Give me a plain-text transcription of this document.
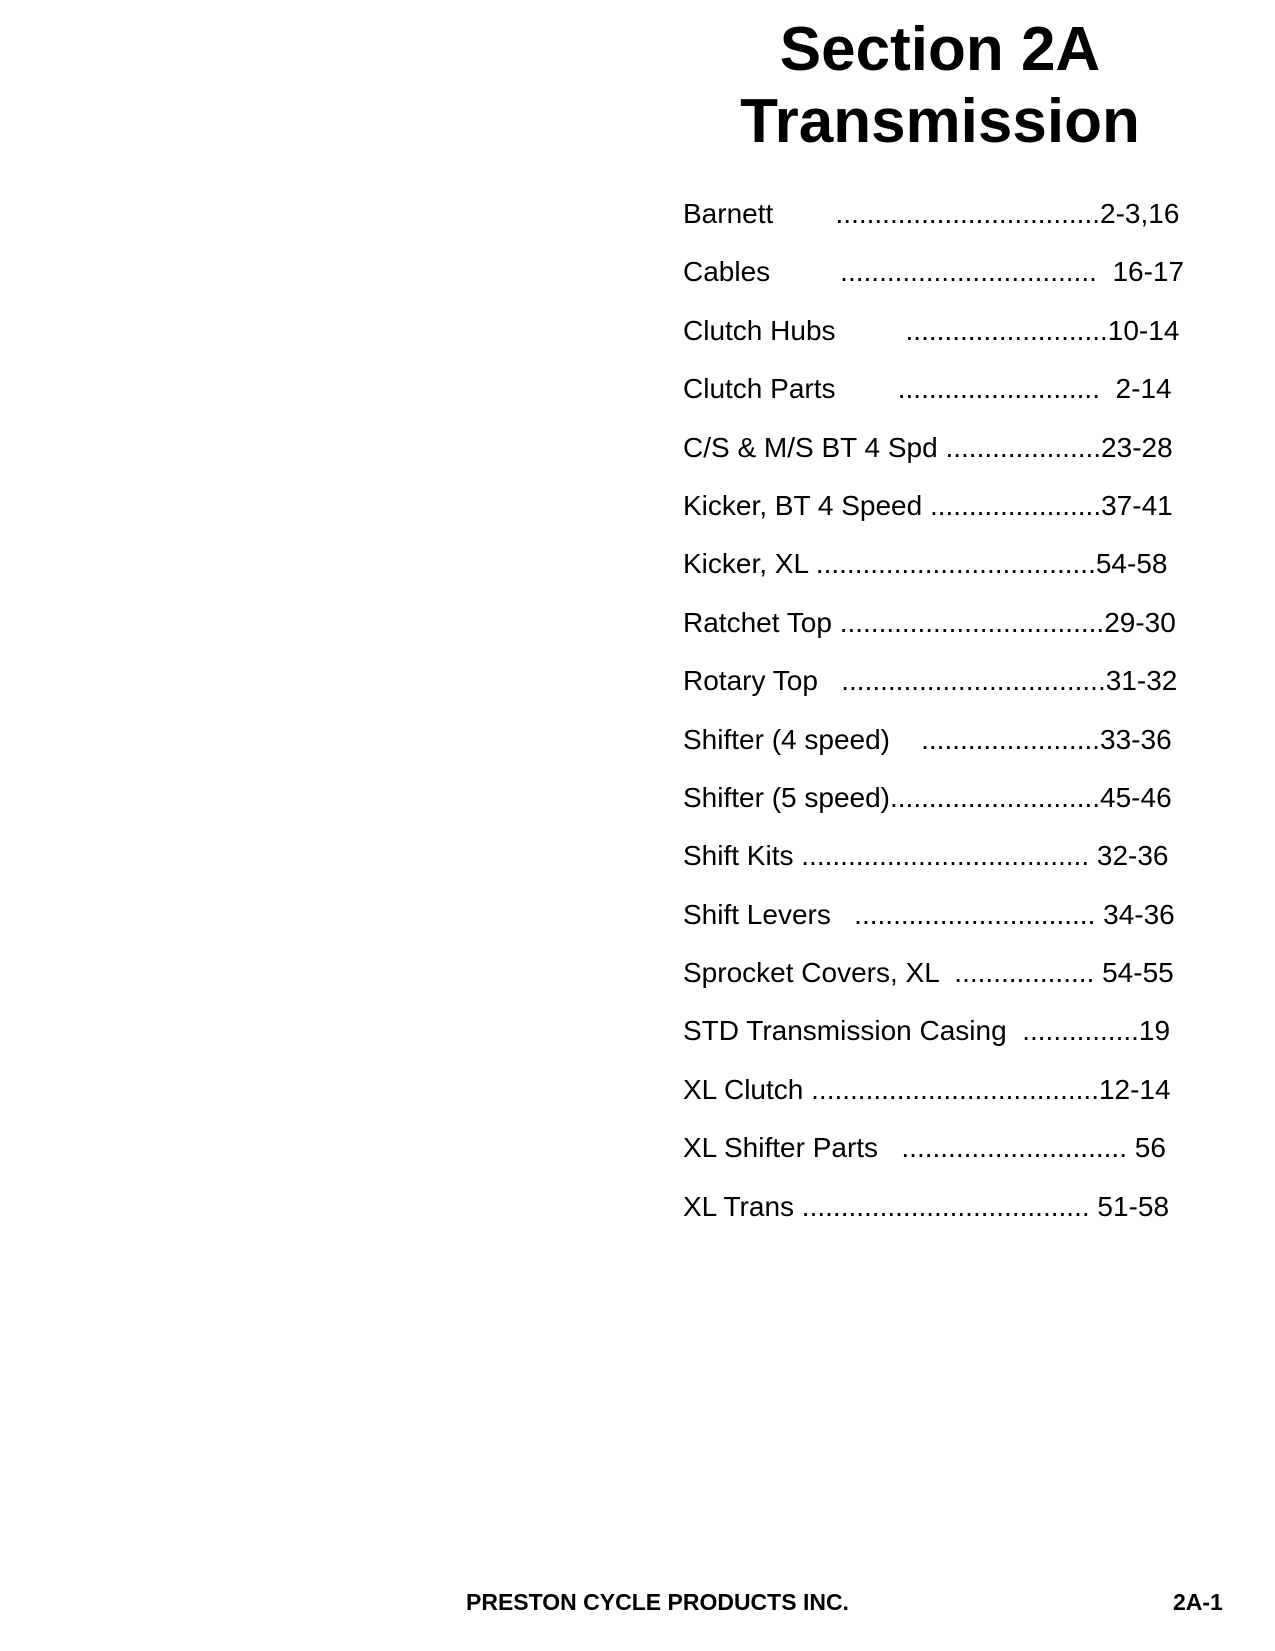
Section 2A
Transmission
Barnett        ..................................2-3,16
Cables         .................................  16-17
Clutch Hubs         ..........................10-14
Clutch Parts        ..........................  2-14
C/S & M/S BT 4 Spd ....................23-28
Kicker, BT 4 Speed ......................37-41
Kicker, XL ....................................54-58
Ratchet Top ..................................29-30
Rotary Top   ..................................31-32
Shifter (4 speed)    .......................33-36
Shifter (5 speed)...........................45-46
Shift Kits ..................................... 32-36
Shift Levers   ............................... 34-36
Sprocket Covers, XL  .................. 54-55
STD Transmission Casing  ...............19
XL Clutch .....................................12-14
XL Shifter Parts   ............................. 56
XL Trans ..................................... 51-58
PRESTON CYCLE PRODUCTS INC.	2A-1
